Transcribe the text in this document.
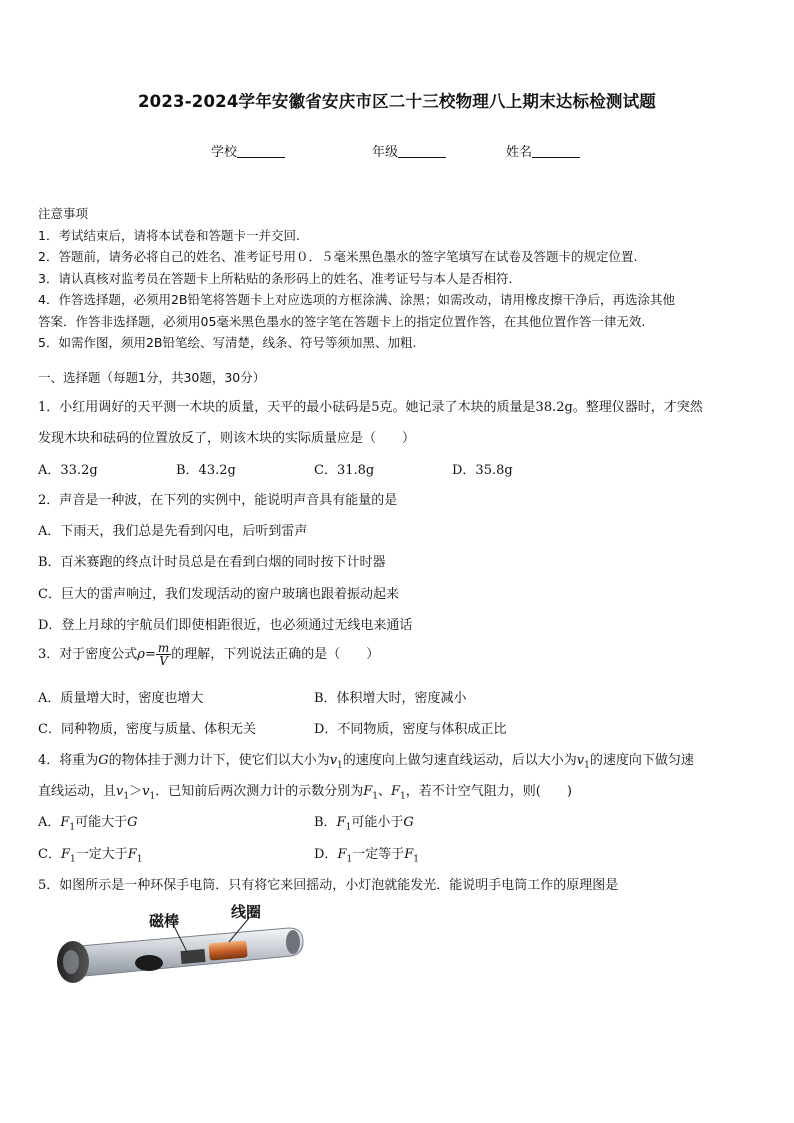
2023-2024学年安徽省安庆市区二十三校物理八上期末达标检测试题
学校	年级	姓名
注意事项
1．考试结束后，请将本试卷和答题卡一并交回.
2．答题前，请务必将自己的姓名、准考证号用０．５毫米黑色墨水的签字笔填写在试卷及答题卡的规定位置.
3．请认真核对监考员在答题卡上所粘贴的条形码上的姓名、准考证号与本人是否相符.
4．作答选择题，必须用2B铅笔将答题卡上对应选项的方框涂满、涂黑；如需改动，请用橡皮擦干净后，再选涂其他
答案．作答非选择题，必须用05毫米黑色墨水的签字笔在答题卡上的指定位置作答，在其他位置作答一律无效.
5．如需作图，须用2B铅笔绘、写清楚，线条、符号等须加黑、加粗.
一、选择题（每题1分，共30题，30分）
1．小红用调好的天平测一木块的质量，天平的最小砝码是5克。她记录了木块的质量是38.2g。整理仪器时，才突然
发现木块和砝码的位置放反了，则该木块的实际质量应是（　　）
A．33.2g	B．43.2g	C．31.8g	D．35.8g
2．声音是一种波，在下列的实例中，能说明声音具有能量的是
A．下雨天，我们总是先看到闪电，后听到雷声
B．百米赛跑的终点计时员总是在看到白烟的同时按下计时器
C．巨大的雷声响过，我们发现活动的窗户玻璃也跟着振动起来
D．登上月球的宇航员们即使相距很近，也必须通过无线电来通话
3．对于密度公式$\rho= \frac{m}{V}$ 的理解，下列说法正确的是（　　）
A．质量增大时，密度也增大	B．体积增大时，密度减小
C．同种物质，密度与质量、体积无关	D．不同物质，密度与体积成正比
4．将重为G的物体挂于测力计下，使它们以大小为$v_1$的速度向上做匀速直线运动，后以大小为$v_1$的速度向下做匀速
直线运动，且$v_1>v_1$．已知前后两次测力计的示数分别为$F_1$、$F_1$，若不计空气阻力，则(　　)
A．$F_1$可能大于G	B．$F_1$可能小于G
C．$F_1$一定大于$F_1$	D．$F_1$一定等于$F_1$
5．如图所示是一种环保手电筒．只有将它来回摇动，小灯泡就能发光．能说明手电筒工作的原理图是
磁棒	线圈
